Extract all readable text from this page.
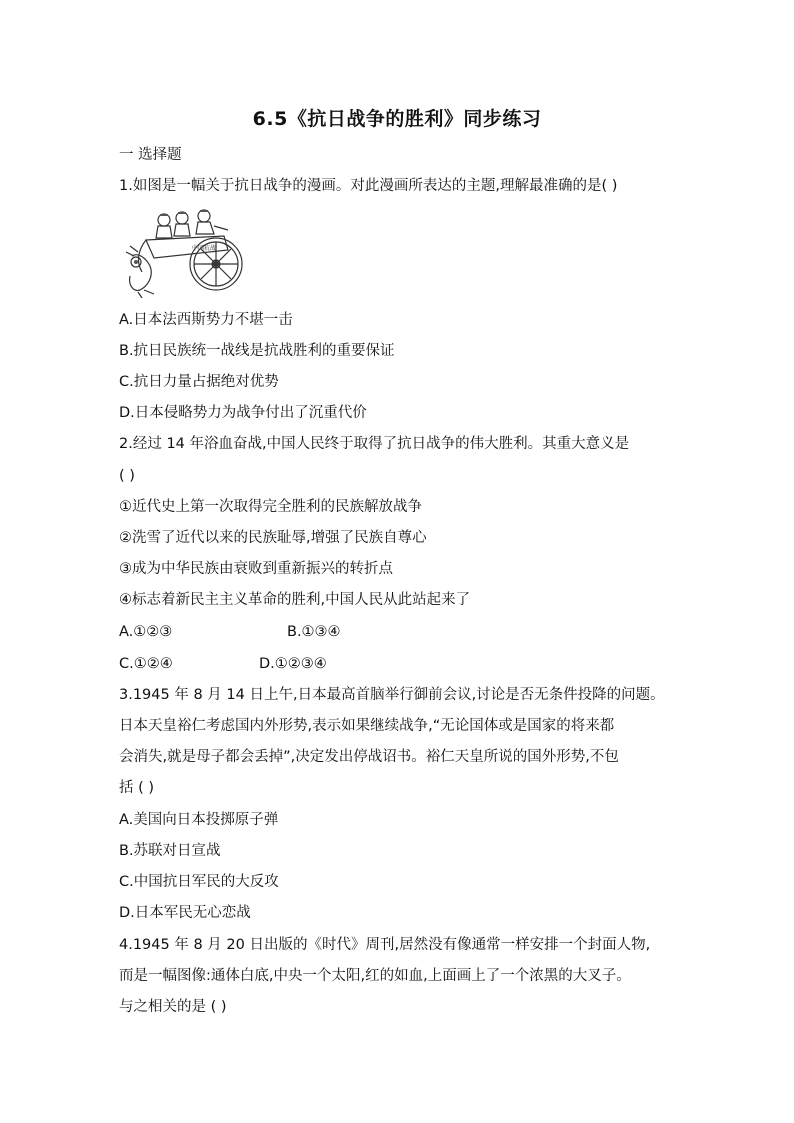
6.5《抗日战争的胜利》同步练习
一 选择题
1.如图是一幅关于抗日战争的漫画。对此漫画所表达的主题,理解最准确的是( )
中国抗战
A.日本法西斯势力不堪一击
B.抗日民族统一战线是抗战胜利的重要保证
C.抗日力量占据绝对优势
D.日本侵略势力为战争付出了沉重代价
2.经过 14 年浴血奋战,中国人民终于取得了抗日战争的伟大胜利。其重大意义是
( )
①近代史上第一次取得完全胜利的民族解放战争
②洗雪了近代以来的民族耻辱,增强了民族自尊心
③成为中华民族由衰败到重新振兴的转折点
④标志着新民主主义革命的胜利,中国人民从此站起来了
A.①②③	B.①③④
C.①②④	D.①②③④
3.1945 年 8 月 14 日上午,日本最高首脑举行御前会议,讨论是否无条件投降的问题。
日本天皇裕仁考虑国内外形势,表示如果继续战争,“无论国体或是国家的将来都
会消失,就是母子都会丢掉”,决定发出停战诏书。裕仁天皇所说的国外形势,不包
括 ( )
A.美国向日本投掷原子弹
B.苏联对日宣战
C.中国抗日军民的大反攻
D.日本军民无心恋战
4.1945 年 8 月 20 日出版的《时代》周刊,居然没有像通常一样安排一个封面人物,
而是一幅图像:通体白底,中央一个太阳,红的如血,上面画上了一个浓黑的大叉子。
与之相关的是 ( )
